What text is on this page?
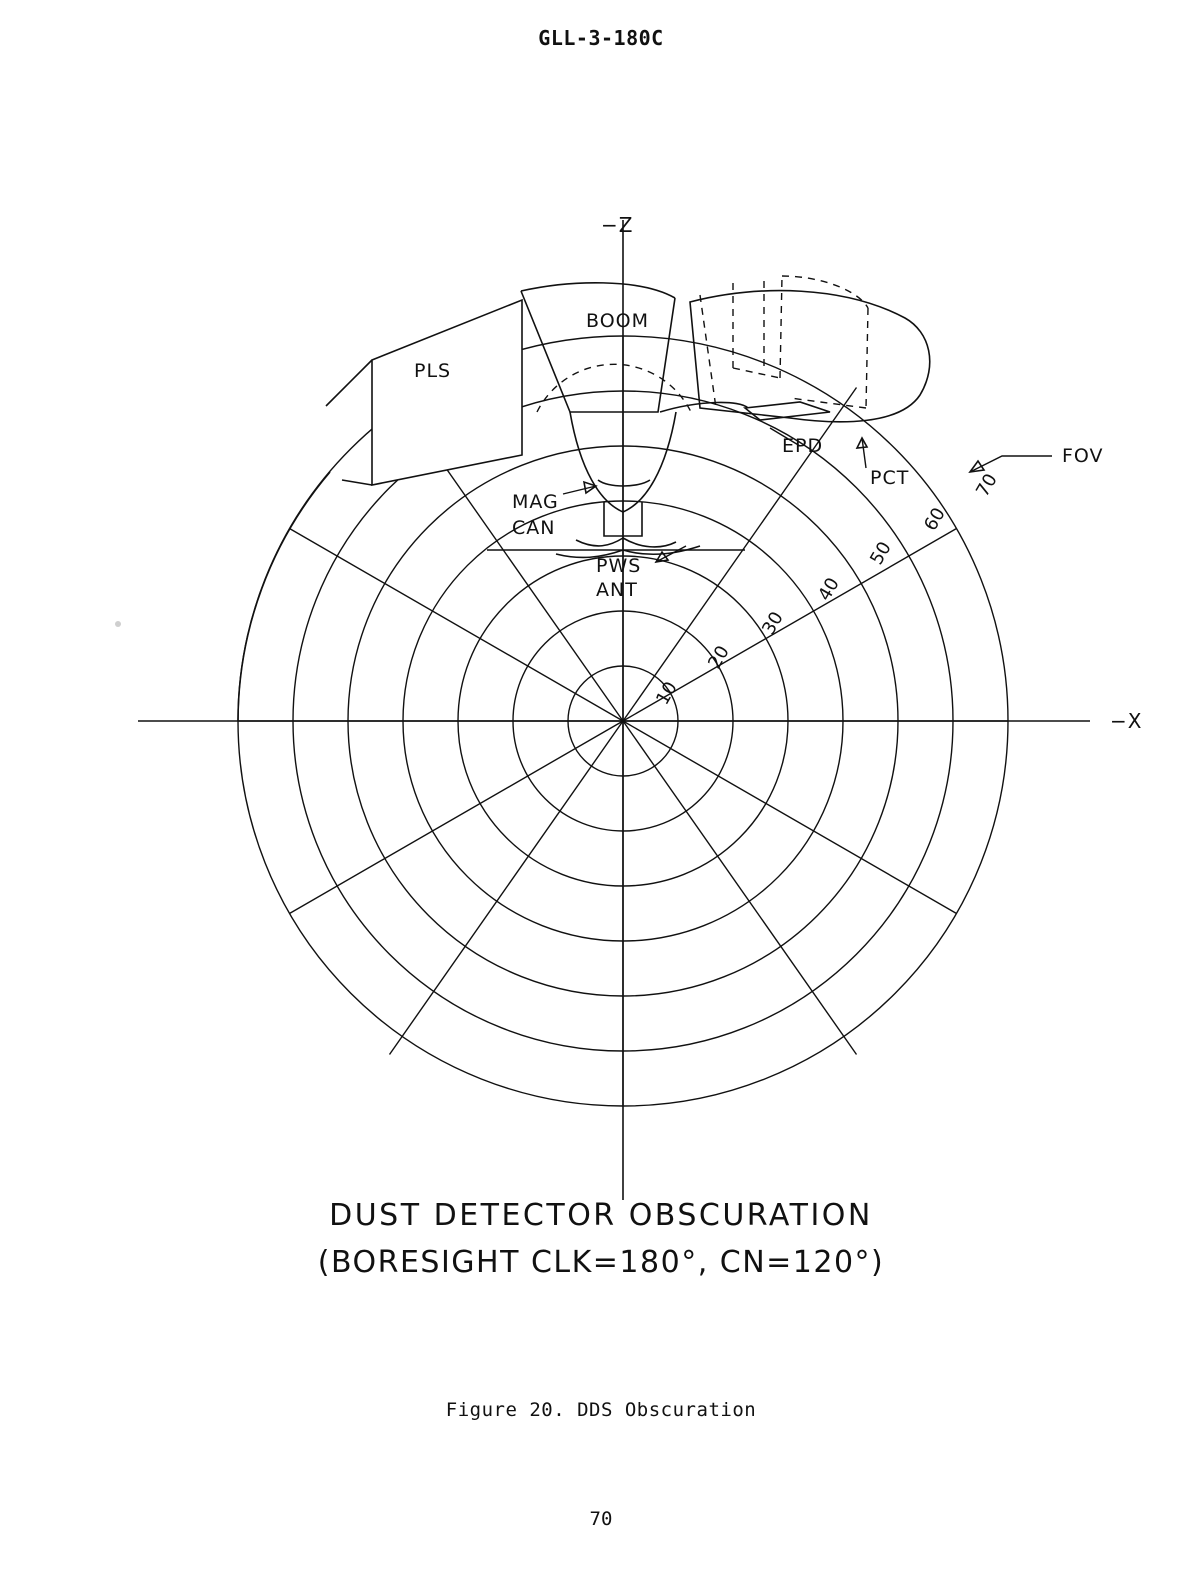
GLL-3-180C
−Z
−X
PLS
BOOM
EPD
PCT
MAG
CAN
PWS
ANT
FOV
10
20
30
40
50
60
70
DUST DETECTOR OBSCURATION
(BORESIGHT CLK=180°, CN=120°)
Figure 20. DDS Obscuration
70
